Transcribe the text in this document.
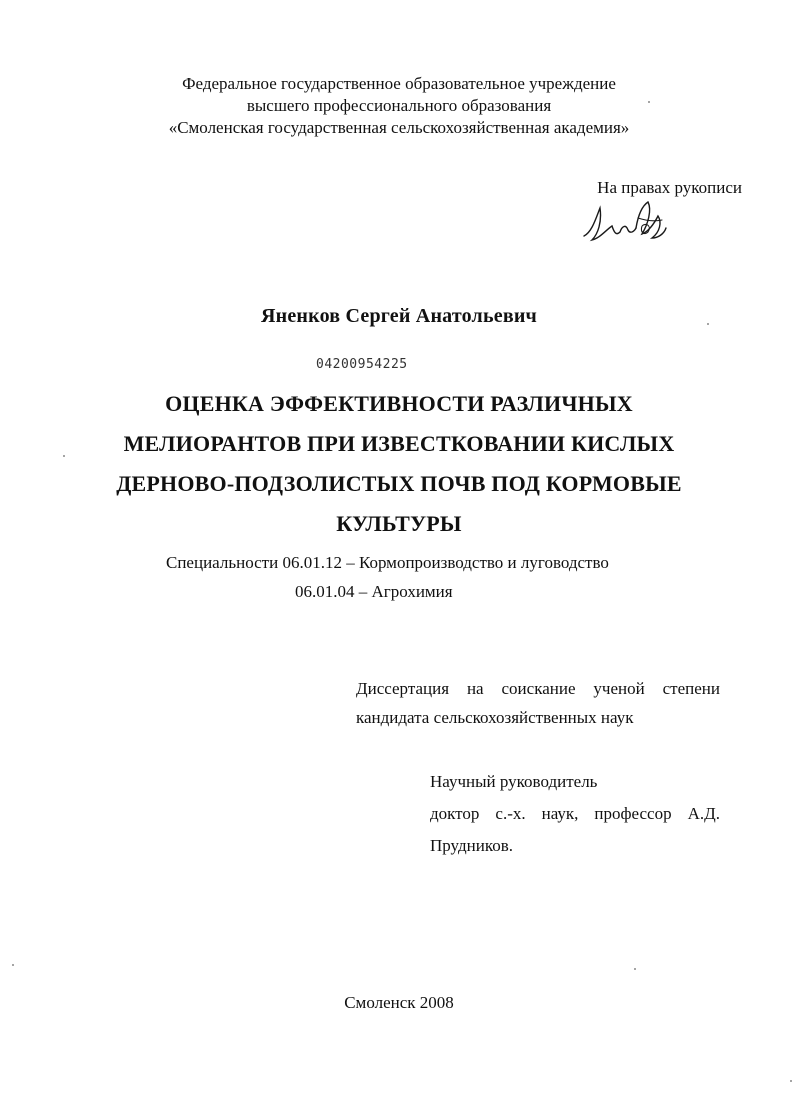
Федеральное государственное образовательное учреждение
высшего профессионального образования
«Смоленская государственная сельскохозяйственная академия»
На правах рукописи
Яненков Сергей Анатольевич
04200954225
ОЦЕНКА ЭФФЕКТИВНОСТИ РАЗЛИЧНЫХ
МЕЛИОРАНТОВ ПРИ ИЗВЕСТКОВАНИИ КИСЛЫХ
ДЕРНОВО-ПОДЗОЛИСТЫХ ПОЧВ ПОД КОРМОВЫЕ
КУЛЬТУРЫ
Специальности 06.01.12 – Кормопроизводство и луговодство
06.01.04 – Агрохимия
Диссертация на соискание ученой степени
кандидата сельскохозяйственных наук
Научный руководитель
доктор с.-х. наук, профессор А.Д.
Прудников.
Смоленск 2008
